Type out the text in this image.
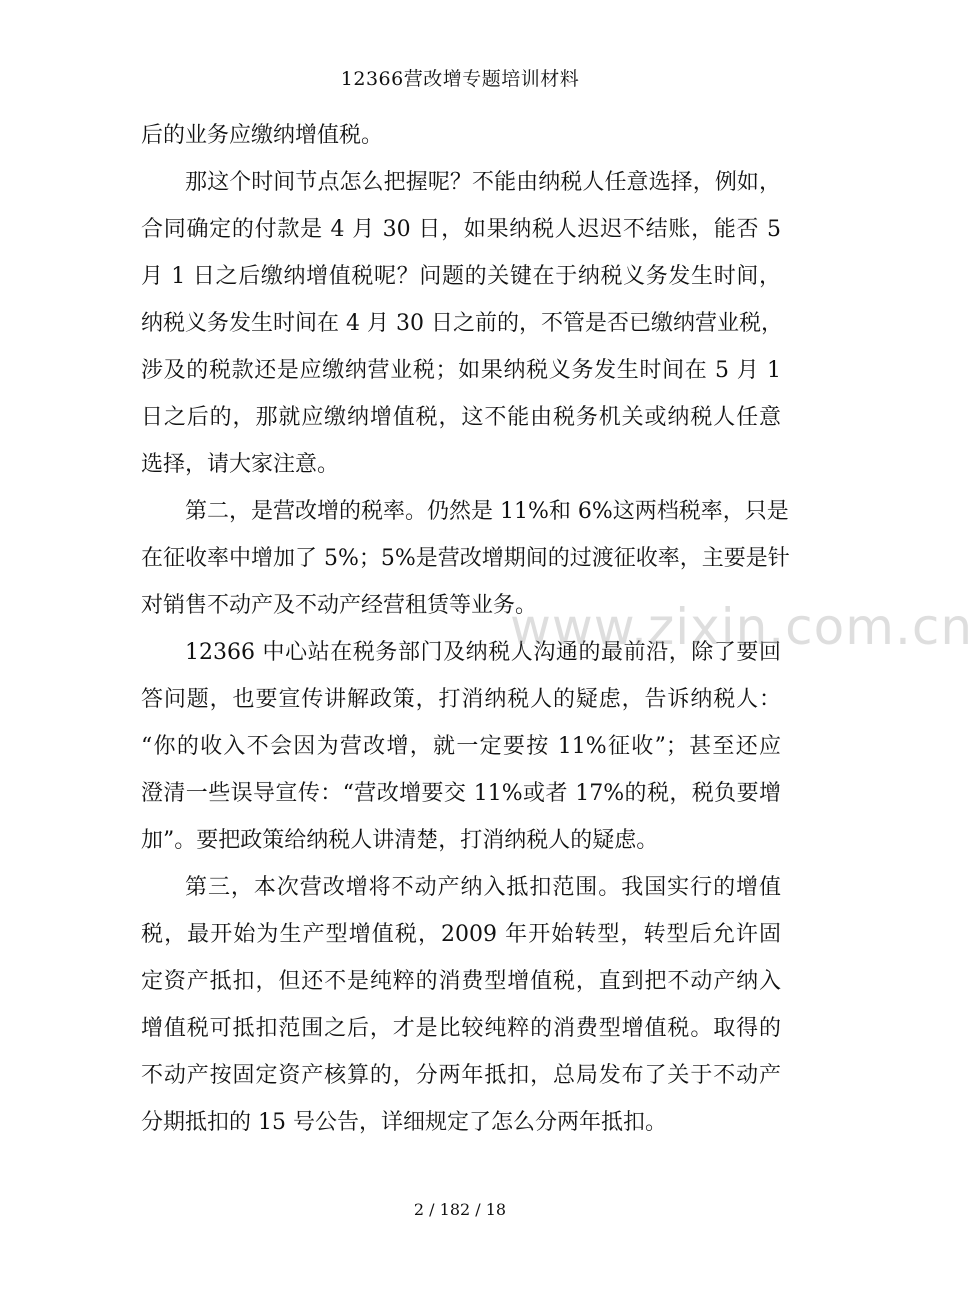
12366营改增专题培训材料

后的业务应缴纳增值税。

那这个时间节点怎么把握呢？不能由纳税人任意选择，例如，
合同确定的付款是 4 月 30 日，如果纳税人迟迟不结账，能否 5
月 1 日之后缴纳增值税呢？问题的关键在于纳税义务发生时间，
纳税义务发生时间在 4 月 30 日之前的，不管是否已缴纳营业税，
涉及的税款还是应缴纳营业税；如果纳税义务发生时间在 5 月 1
日之后的，那就应缴纳增值税，这不能由税务机关或纳税人任意
选择，请大家注意。

第二，是营改增的税率。仍然是 11%和 6%这两档税率，只是
在征收率中增加了 5%；5%是营改增期间的过渡征收率，主要是针
对销售不动产及不动产经营租赁等业务。

12366 中心站在税务部门及纳税人沟通的最前沿，除了要回
答问题，也要宣传讲解政策，打消纳税人的疑虑，告诉纳税人：
“你的收入不会因为营改增，就一定要按 11%征收”；甚至还应
澄清一些误导宣传：“营改增要交 11%或者 17%的税，税负要增
加”。要把政策给纳税人讲清楚，打消纳税人的疑虑。

第三，本次营改增将不动产纳入抵扣范围。我国实行的增值
税，最开始为生产型增值税，2009 年开始转型，转型后允许固
定资产抵扣，但还不是纯粹的消费型增值税，直到把不动产纳入
增值税可抵扣范围之后，才是比较纯粹的消费型增值税。取得的
不动产按固定资产核算的，分两年抵扣，总局发布了关于不动产
分期抵扣的 15 号公告，详细规定了怎么分两年抵扣。

www.zixin.com.cn
2 / 182 / 18
